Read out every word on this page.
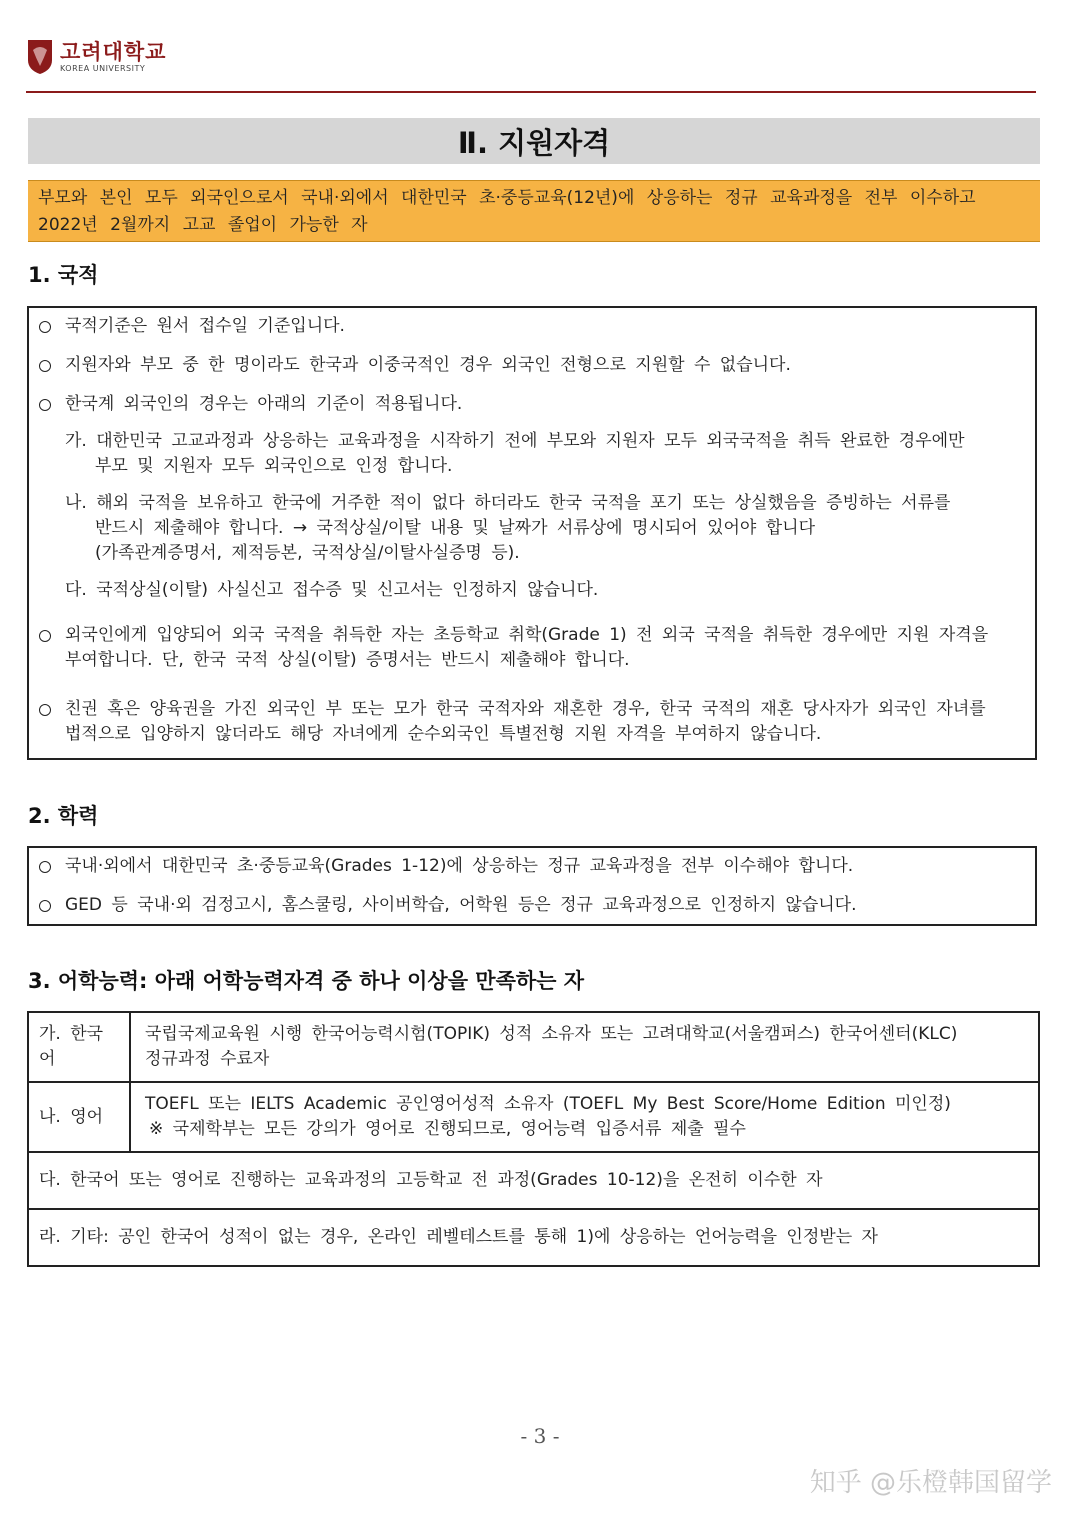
고려대학교
KOREA UNIVERSITY
Ⅱ. 지원자격

부모와 본인 모두 외국인으로서 국내·외에서 대한민국 초·중등교육(12년)에 상응하는 정규 교육과정을 전부 이수하고
2022년 2월까지 고교 졸업이 가능한 자

1. 국적
국적기준은 원서 접수일 기준입니다.
지원자와 부모 중 한 명이라도 한국과 이중국적인 경우 외국인 전형으로 지원할 수 없습니다.
한국계 외국인의 경우는 아래의 기준이 적용됩니다.
가. 대한민국 고교과정과 상응하는 교육과정을 시작하기 전에 부모와 지원자 모두 외국국적을 취득 완료한 경우에만
부모 및 지원자 모두 외국인으로 인정 합니다.
나. 해외 국적을 보유하고 한국에 거주한 적이 없다 하더라도 한국 국적을 포기 또는 상실했음을 증빙하는 서류를
반드시 제출해야 합니다. → 국적상실/이탈 내용 및 날짜가 서류상에 명시되어 있어야 합니다
(가족관계증명서, 제적등본, 국적상실/이탈사실증명 등).
다. 국적상실(이탈) 사실신고 접수증 및 신고서는 인정하지 않습니다.
외국인에게 입양되어 외국 국적을 취득한 자는 초등학교 취학(Grade 1) 전 외국 국적을 취득한 경우에만 지원 자격을
부여합니다. 단, 한국 국적 상실(이탈) 증명서는 반드시 제출해야 합니다.
친권 혹은 양육권을 가진 외국인 부 또는 모가 한국 국적자와 재혼한 경우, 한국 국적의 재혼 당사자가 외국인 자녀를
법적으로 입양하지 않더라도 해당 자녀에게 순수외국인 특별전형 지원 자격을 부여하지 않습니다.
2. 학력
국내·외에서 대한민국 초·중등교육(Grades 1-12)에 상응하는 정규 교육과정을 전부 이수해야 합니다.
GED 등 국내·외 검정고시, 홈스쿨링, 사이버학습, 어학원 등은 정규 교육과정으로 인정하지 않습니다.
3. 어학능력: 아래 어학능력자격 중 하나 이상을 만족하는 자
가. 한국어	국립국제교육원 시행 한국어능력시험(TOPIK) 성적 소유자 또는 고려대학교(서울캠퍼스) 한국어센터(KLC)
정규과정 수료자
나. 영어	TOEFL 또는 IELTS Academic 공인영어성적 소유자 (TOEFL My Best Score/Home Edition 미인정)
※ 국제학부는 모든 강의가 영어로 진행되므로, 영어능력 입증서류 제출 필수
다. 한국어 또는 영어로 진행하는 교육과정의 고등학교 전 과정(Grades 10-12)을 온전히 이수한 자	
라. 기타: 공인 한국어 성적이 없는 경우, 온라인 레벨테스트를 통해 1)에 상응하는 언어능력을 인정받는 자	
- 3 -
知乎 @乐橙韩国留学
